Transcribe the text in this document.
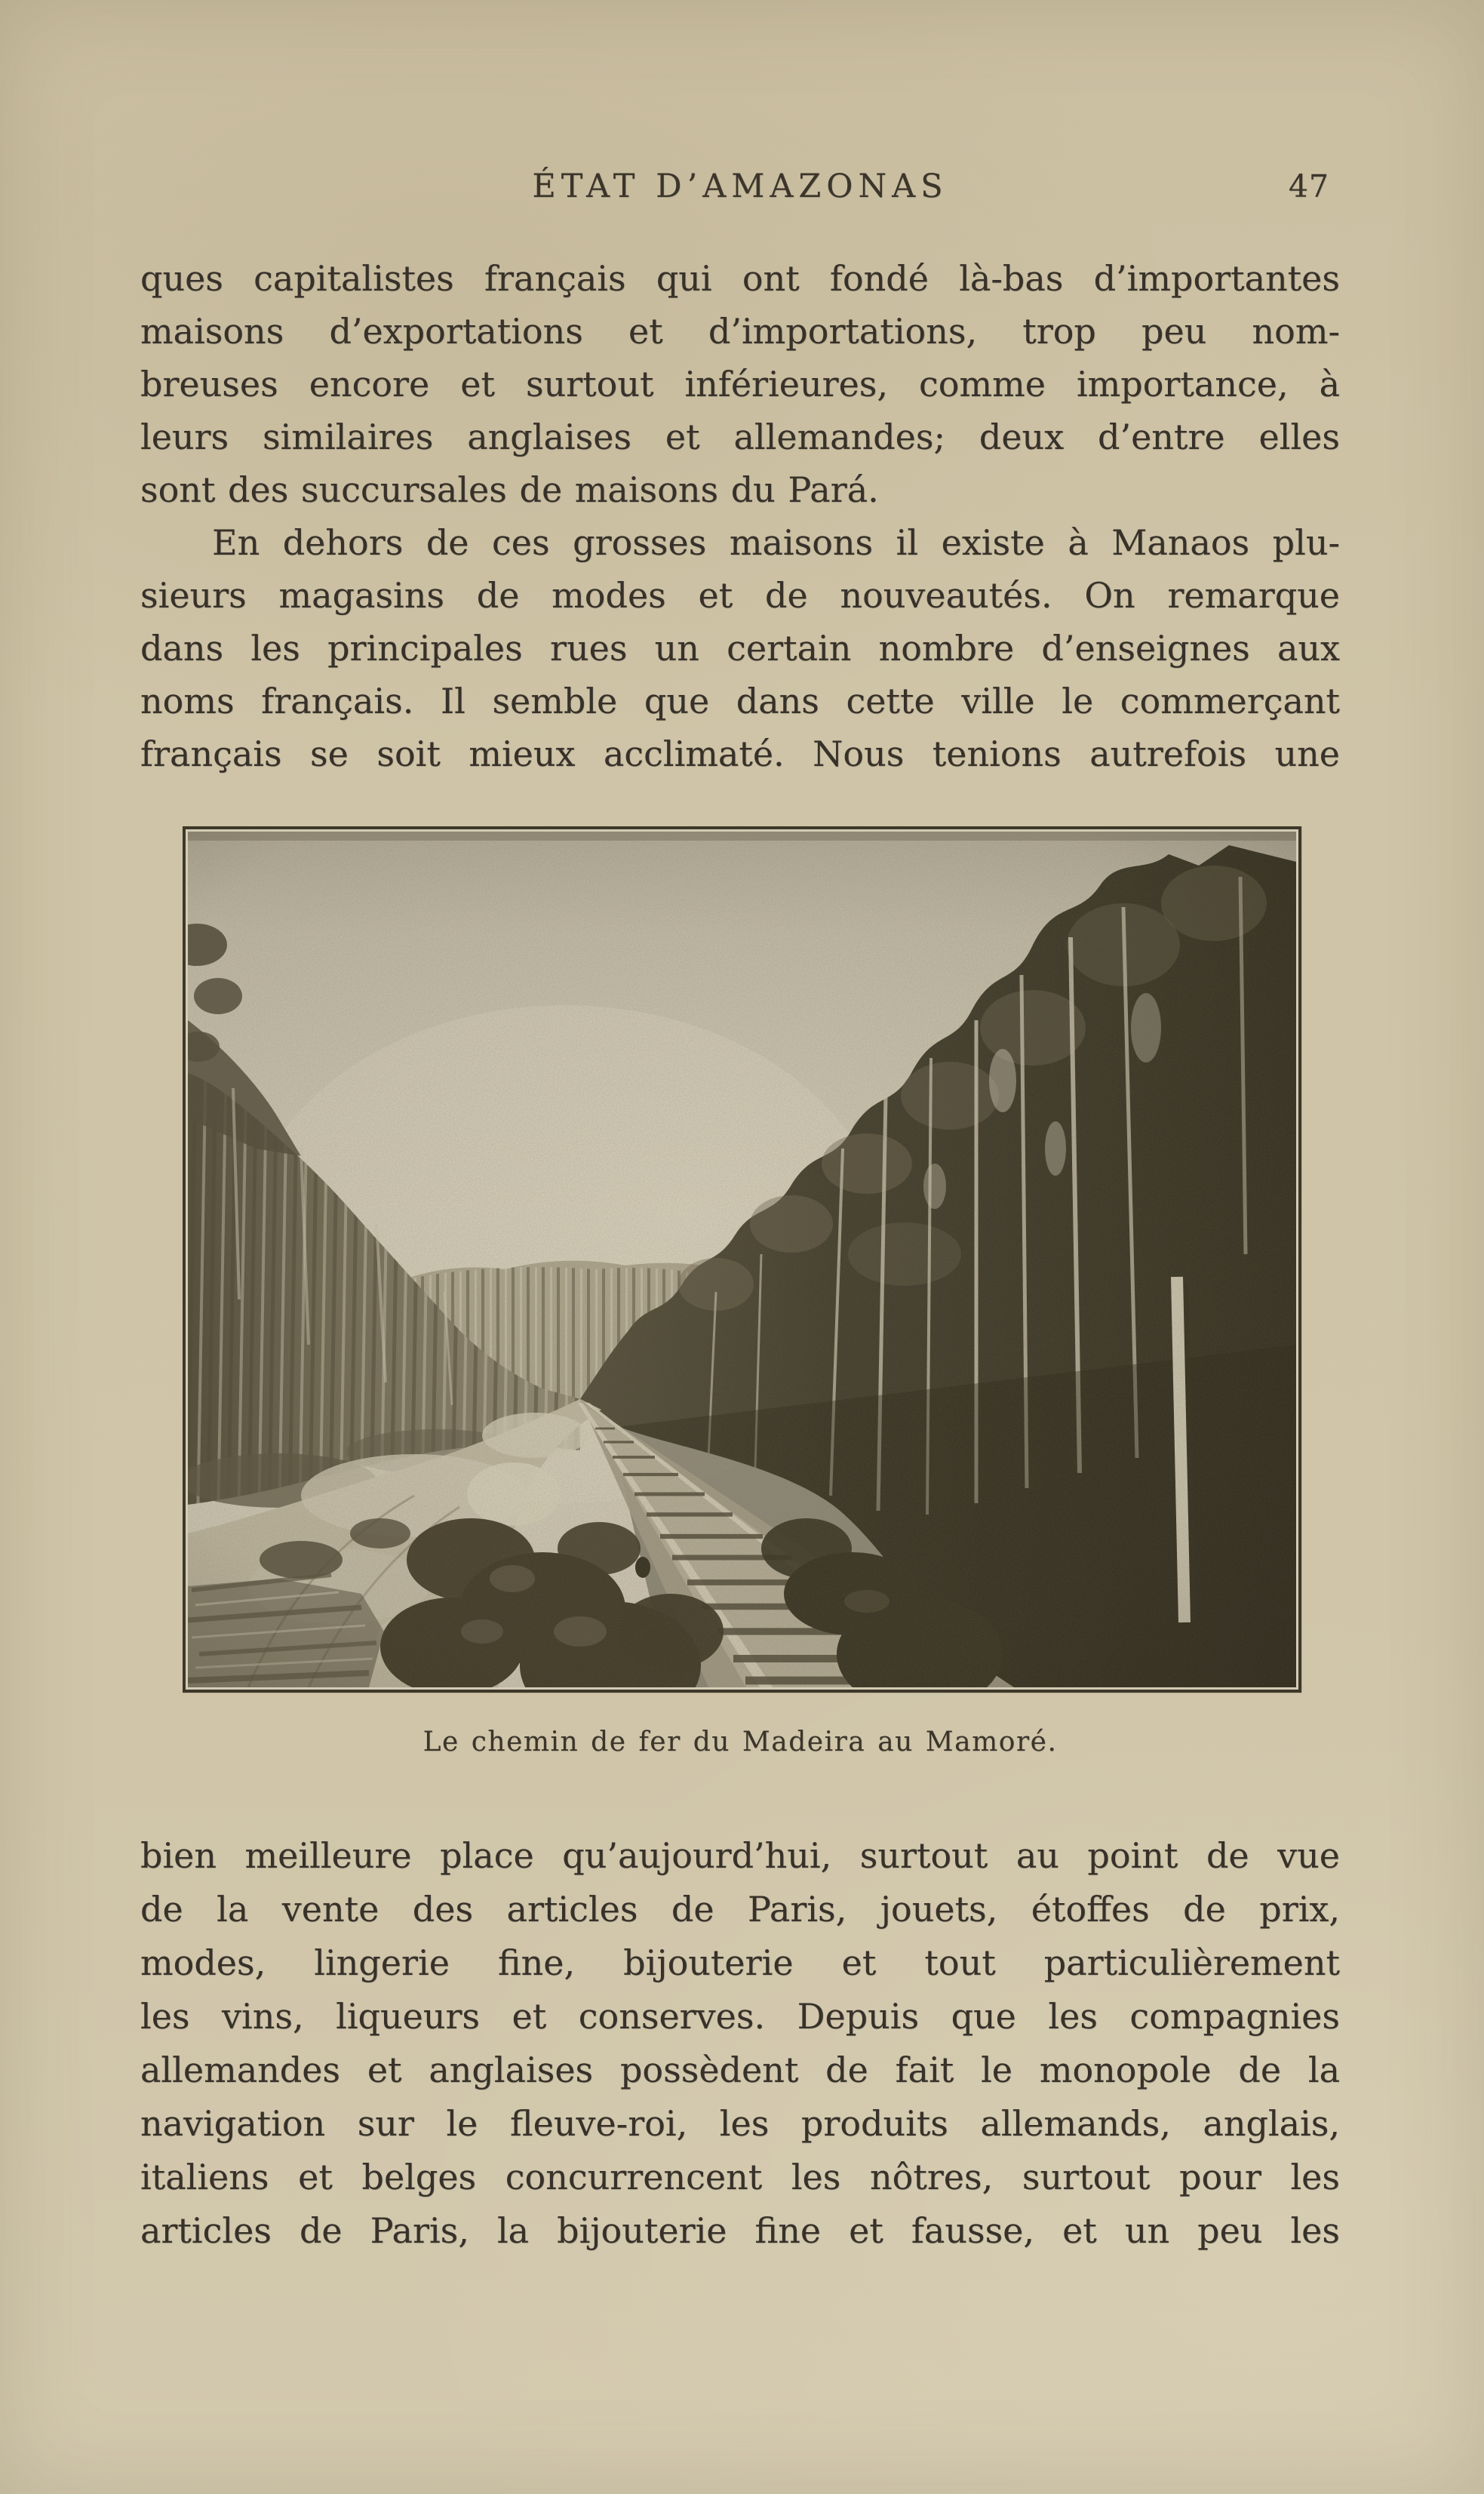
ÉTAT D’AMAZONAS	47
ques capitalistes français qui ont fondé là-bas d’importantes
maisons d’exportations et d’importations, trop peu nom-
breuses encore et surtout inférieures, comme importance, à
leurs similaires anglaises et allemandes; deux d’entre elles
sont des succursales de maisons du Pará.
En dehors de ces grosses maisons il existe à Manaos plu-
sieurs magasins de modes et de nouveautés. On remarque
dans les principales rues un certain nombre d’enseignes aux
noms français. Il semble que dans cette ville le commerçant
français se soit mieux acclimaté. Nous tenions autrefois une
Le chemin de fer du Madeira au Mamoré.
bien meilleure place qu’aujourd’hui, surtout au point de vue
de la vente des articles de Paris, jouets, étoffes de prix,
modes, lingerie fine, bijouterie et tout particulièrement
les vins, liqueurs et conserves. Depuis que les compagnies
allemandes et anglaises possèdent de fait le monopole de la
navigation sur le fleuve-roi, les produits allemands, anglais,
italiens et belges concurrencent les nôtres, surtout pour les
articles de Paris, la bijouterie fine et fausse, et un peu les
